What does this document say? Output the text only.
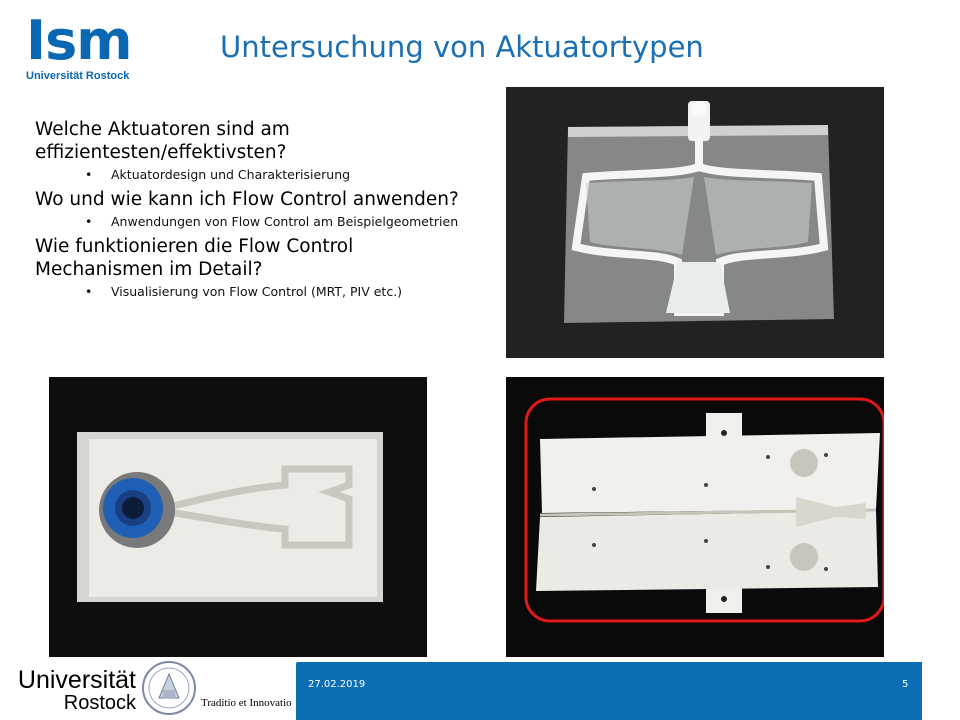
Ism
Universität Rostock
Untersuchung von Aktuatortypen

Welche Aktuatoren sind am effizientesten/effektivsten?

• Aktuatordesign und Charakterisierung

Wo und wie kann ich Flow Control anwenden?

• Anwendungen von Flow Control am Beispielgeometrien

Wie funktionieren die Flow Control Mechanismen im Detail?

• Visualisierung von Flow Control (MRT, PIV etc.)
Universität
Rostock	Traditio et Innovatio
27.02.2019	5
